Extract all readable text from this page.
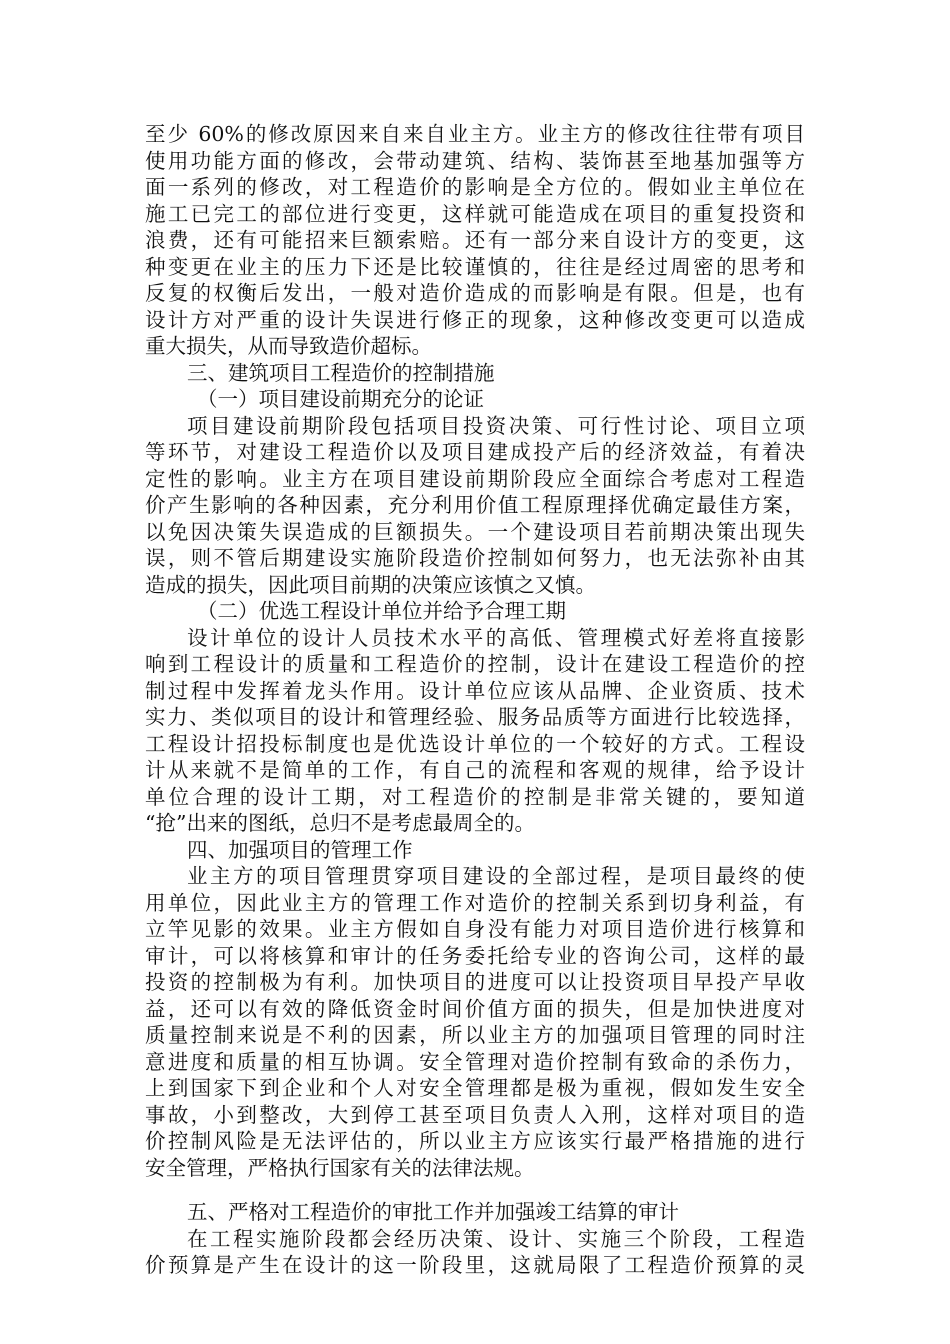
至少 60%的修改原因来自来自业主方。业主方的修改往往带有项目
使用功能方面的修改，会带动建筑、结构、装饰甚至地基加强等方
面一系列的修改，对工程造价的影响是全方位的。假如业主单位在
施工已完工的部位进行变更，这样就可能造成在项目的重复投资和
浪费，还有可能招来巨额索赔。还有一部分来自设计方的变更，这
种变更在业主的压力下还是比较谨慎的，往往是经过周密的思考和
反复的权衡后发出，一般对造价造成的而影响是有限。但是，也有
设计方对严重的设计失误进行修正的现象，这种修改变更可以造成
重大损失，从而导致造价超标。
三、建筑项目工程造价的控制措施
（一）项目建设前期充分的论证
项目建设前期阶段包括项目投资决策、可行性讨论、项目立项
等环节，对建设工程造价以及项目建成投产后的经济效益，有着决
定性的影响。业主方在项目建设前期阶段应全面综合考虑对工程造
价产生影响的各种因素，充分利用价值工程原理择优确定最佳方案，
以免因决策失误造成的巨额损失。一个建设项目若前期决策出现失
误，则不管后期建设实施阶段造价控制如何努力，也无法弥补由其
造成的损失，因此项目前期的决策应该慎之又慎。
（二）优选工程设计单位并给予合理工期
设计单位的设计人员技术水平的高低、管理模式好差将直接影
响到工程设计的质量和工程造价的控制，设计在建设工程造价的控
制过程中发挥着龙头作用。设计单位应该从品牌、企业资质、技术
实力、类似项目的设计和管理经验、服务品质等方面进行比较选择，
工程设计招投标制度也是优选设计单位的一个较好的方式。工程设
计从来就不是简单的工作，有自己的流程和客观的规律，给予设计
单位合理的设计工期，对工程造价的控制是非常关键的，要知道
“抢”出来的图纸，总归不是考虑最周全的。
四、加强项目的管理工作
业主方的项目管理贯穿项目建设的全部过程，是项目最终的使
用单位，因此业主方的管理工作对造价的控制关系到切身利益，有
立竿见影的效果。业主方假如自身没有能力对项目造价进行核算和
审计，可以将核算和审计的任务委托给专业的咨询公司，这样的最
投资的控制极为有利。加快项目的进度可以让投资项目早投产早收
益，还可以有效的降低资金时间价值方面的损失，但是加快进度对
质量控制来说是不利的因素，所以业主方的加强项目管理的同时注
意进度和质量的相互协调。安全管理对造价控制有致命的杀伤力，
上到国家下到企业和个人对安全管理都是极为重视，假如发生安全
事故，小到整改，大到停工甚至项目负责人入刑，这样对项目的造
价控制风险是无法评估的，所以业主方应该实行最严格措施的进行
安全管理，严格执行国家有关的法律法规。
五、严格对工程造价的审批工作并加强竣工结算的审计
在工程实施阶段都会经历决策、设计、实施三个阶段，工程造
价预算是产生在设计的这一阶段里，这就局限了工程造价预算的灵
